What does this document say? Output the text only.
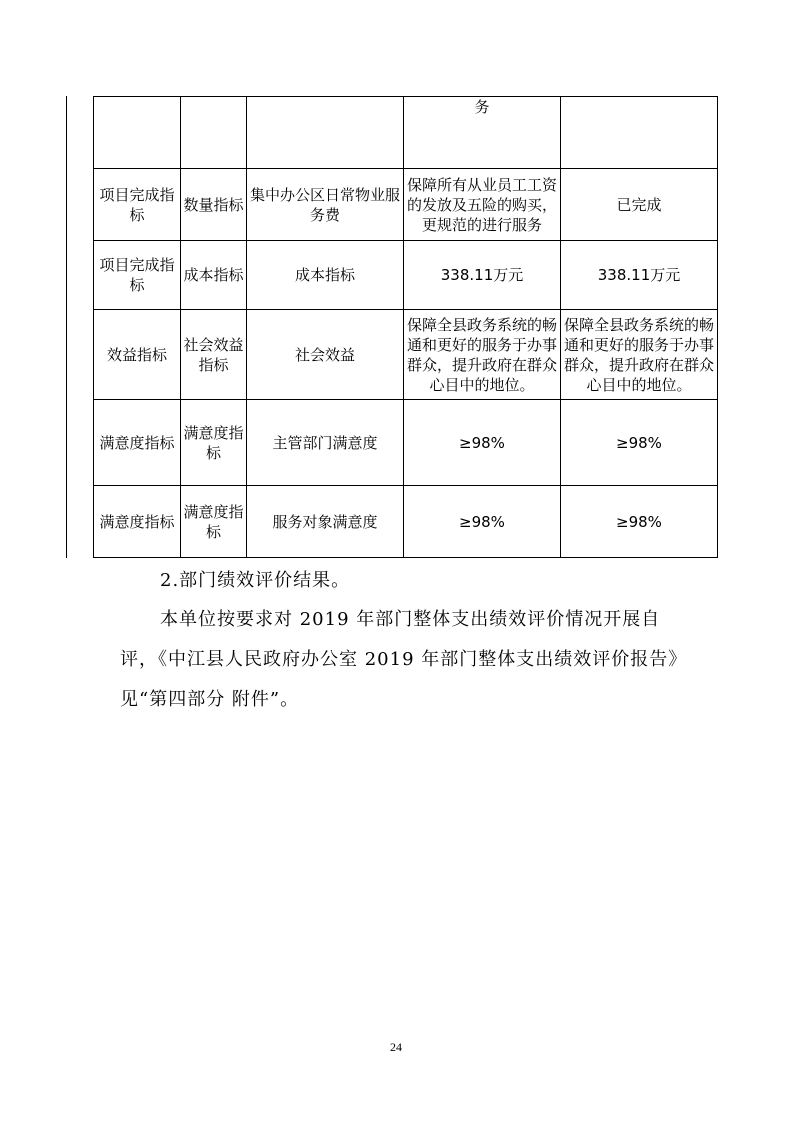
			务	
项目完成指标	数量指标	集中办公区日常物业服务费	保障所有从业员工工资的发放及五险的购买，更规范的进行服务	已完成
项目完成指标	成本指标	成本指标	338.11万元	338.11万元
效益指标	社会效益指标	社会效益	保障全县政务系统的畅通和更好的服务于办事群众，提升政府在群众心目中的地位。	保障全县政务系统的畅通和更好的服务于办事群众，提升政府在群众心目中的地位。
满意度指标	满意度指标	主管部门满意度	≥98%	≥98%
满意度指标	满意度指标	服务对象满意度	≥98%	≥98%
2.部门绩效评价结果。
本单位按要求对 2019 年部门整体支出绩效评价情况开展自评，《中江县人民政府办公室 2019 年部门整体支出绩效评价报告》见“第四部分 附件”。
24
